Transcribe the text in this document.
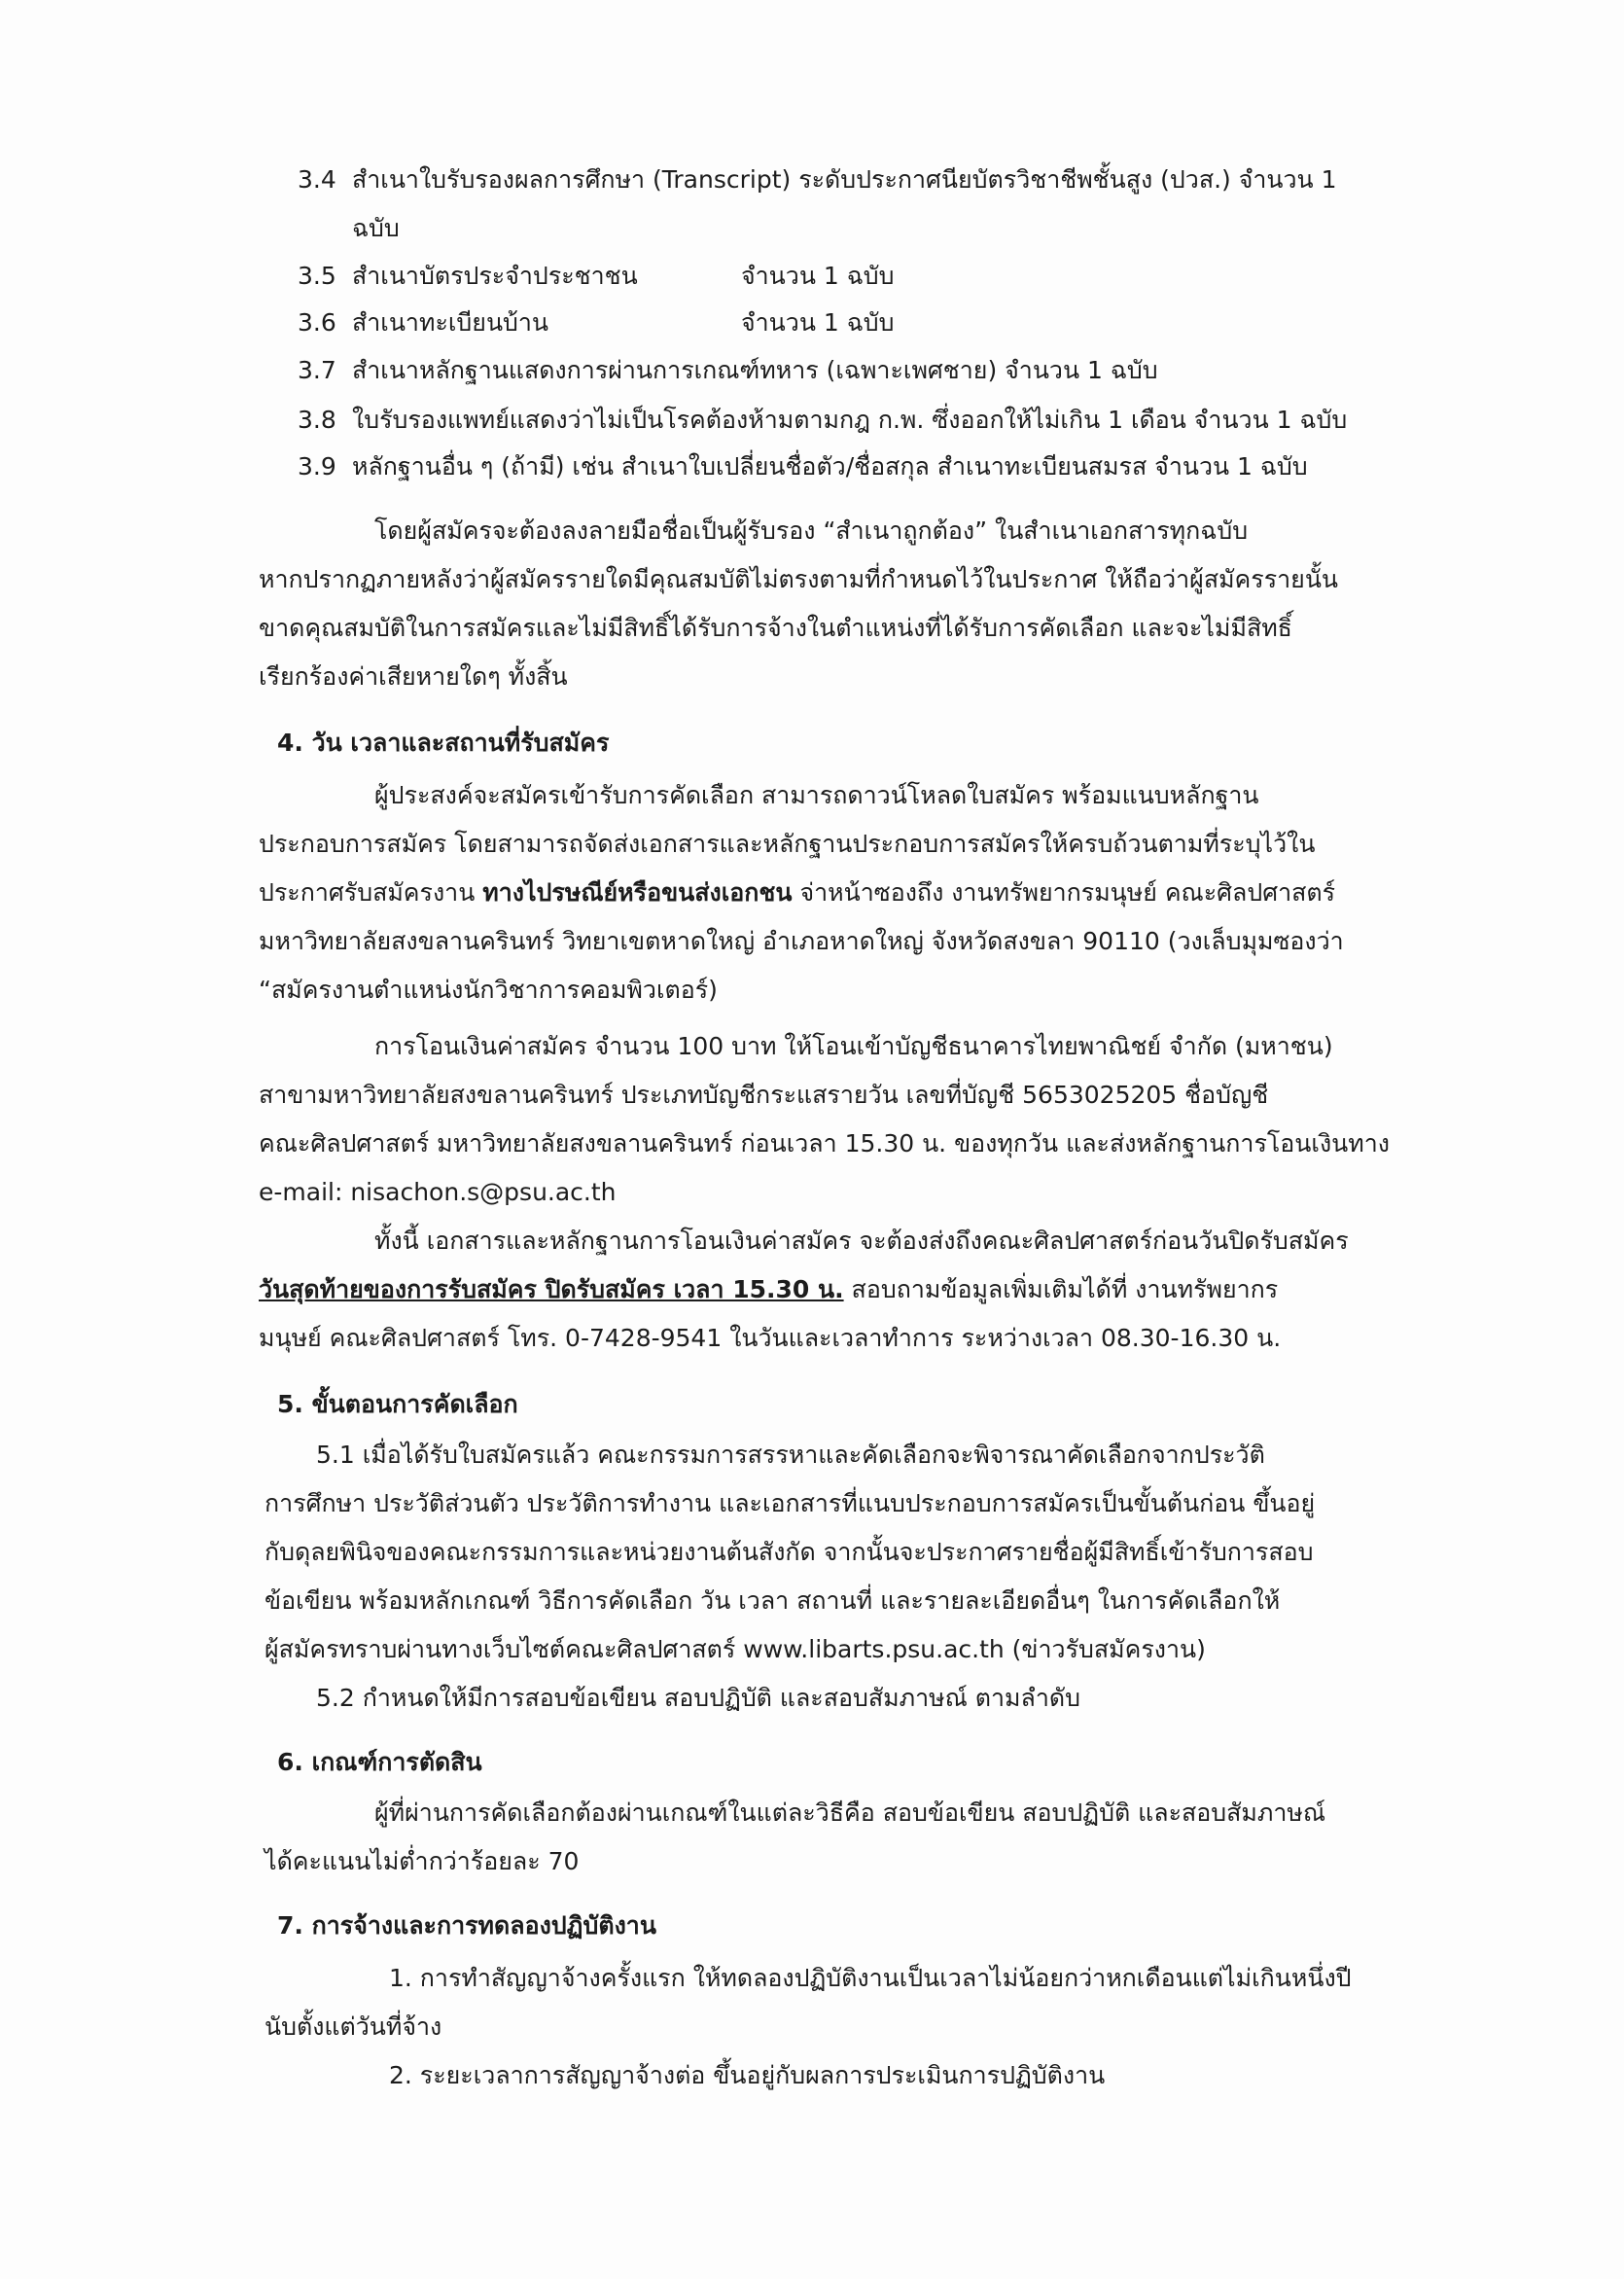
3.4 สำเนาใบรับรองผลการศึกษา (Transcript) ระดับประกาศนียบัตรวิชาชีพชั้นสูง (ปวส.) จำนวน 1
ฉบับ
3.5 สำเนาบัตรประจำประชาชน	จำนวน 1 ฉบับ
3.6 สำเนาทะเบียนบ้าน	จำนวน 1 ฉบับ
3.7 สำเนาหลักฐานแสดงการผ่านการเกณฑ์ทหาร (เฉพาะเพศชาย) จำนวน 1 ฉบับ
3.8 ใบรับรองแพทย์แสดงว่าไม่เป็นโรคต้องห้ามตามกฎ ก.พ. ซึ่งออกให้ไม่เกิน 1 เดือน จำนวน 1 ฉบับ
3.9 หลักฐานอื่น ๆ (ถ้ามี) เช่น สำเนาใบเปลี่ยนชื่อตัว/ชื่อสกุล สำเนาทะเบียนสมรส จำนวน 1 ฉบับ
โดยผู้สมัครจะต้องลงลายมือชื่อเป็นผู้รับรอง “สำเนาถูกต้อง” ในสำเนาเอกสารทุกฉบับ
หากปรากฏภายหลังว่าผู้สมัครรายใดมีคุณสมบัติไม่ตรงตามที่กำหนดไว้ในประกาศ ให้ถือว่าผู้สมัครรายนั้น
ขาดคุณสมบัติในการสมัครและไม่มีสิทธิ์ได้รับการจ้างในตำแหน่งที่ได้รับการคัดเลือก และจะไม่มีสิทธิ์
เรียกร้องค่าเสียหายใดๆ ทั้งสิ้น
4. วัน เวลาและสถานที่รับสมัคร
ผู้ประสงค์จะสมัครเข้ารับการคัดเลือก สามารถดาวน์โหลดใบสมัคร พร้อมแนบหลักฐาน
ประกอบการสมัคร โดยสามารถจัดส่งเอกสารและหลักฐานประกอบการสมัครให้ครบถ้วนตามที่ระบุไว้ใน
ประกาศรับสมัครงาน ทางไปรษณีย์หรือขนส่งเอกชน จ่าหน้าซองถึง งานทรัพยากรมนุษย์ คณะศิลปศาสตร์
มหาวิทยาลัยสงขลานครินทร์ วิทยาเขตหาดใหญ่ อำเภอหาดใหญ่ จังหวัดสงขลา 90110 (วงเล็บมุมซองว่า
“สมัครงานตำแหน่งนักวิชาการคอมพิวเตอร์)
การโอนเงินค่าสมัคร จำนวน 100 บาท ให้โอนเข้าบัญชีธนาคารไทยพาณิชย์ จำกัด (มหาชน)
สาขามหาวิทยาลัยสงขลานครินทร์ ประเภทบัญชีกระแสรายวัน เลขที่บัญชี 5653025205 ชื่อบัญชี
คณะศิลปศาสตร์ มหาวิทยาลัยสงขลานครินทร์ ก่อนเวลา 15.30 น. ของทุกวัน และส่งหลักฐานการโอนเงินทาง
e-mail: nisachon.s@psu.ac.th
ทั้งนี้ เอกสารและหลักฐานการโอนเงินค่าสมัคร จะต้องส่งถึงคณะศิลปศาสตร์ก่อนวันปิดรับสมัคร
วันสุดท้ายของการรับสมัคร ปิดรับสมัคร เวลา 15.30 น. สอบถามข้อมูลเพิ่มเติมได้ที่ งานทรัพยากร
มนุษย์ คณะศิลปศาสตร์ โทร. 0-7428-9541 ในวันและเวลาทำการ ระหว่างเวลา 08.30-16.30 น.
5. ขั้นตอนการคัดเลือก
5.1 เมื่อได้รับใบสมัครแล้ว คณะกรรมการสรรหาและคัดเลือกจะพิจารณาคัดเลือกจากประวัติ
การศึกษา ประวัติส่วนตัว ประวัติการทำงาน และเอกสารที่แนบประกอบการสมัครเป็นขั้นต้นก่อน ขึ้นอยู่
กับดุลยพินิจของคณะกรรมการและหน่วยงานต้นสังกัด จากนั้นจะประกาศรายชื่อผู้มีสิทธิ์เข้ารับการสอบ
ข้อเขียน พร้อมหลักเกณฑ์ วิธีการคัดเลือก วัน เวลา สถานที่ และรายละเอียดอื่นๆ ในการคัดเลือกให้
ผู้สมัครทราบผ่านทางเว็บไซต์คณะศิลปศาสตร์ www.libarts.psu.ac.th (ข่าวรับสมัครงาน)
5.2 กำหนดให้มีการสอบข้อเขียน สอบปฏิบัติ และสอบสัมภาษณ์ ตามลำดับ
6. เกณฑ์การตัดสิน
ผู้ที่ผ่านการคัดเลือกต้องผ่านเกณฑ์ในแต่ละวิธีคือ สอบข้อเขียน สอบปฏิบัติ และสอบสัมภาษณ์
ได้คะแนนไม่ต่ำกว่าร้อยละ 70
7. การจ้างและการทดลองปฏิบัติงาน
1. การทำสัญญาจ้างครั้งแรก ให้ทดลองปฏิบัติงานเป็นเวลาไม่น้อยกว่าหกเดือนแต่ไม่เกินหนึ่งปี
นับตั้งแต่วันที่จ้าง
2. ระยะเวลาการสัญญาจ้างต่อ ขึ้นอยู่กับผลการประเมินการปฏิบัติงาน
